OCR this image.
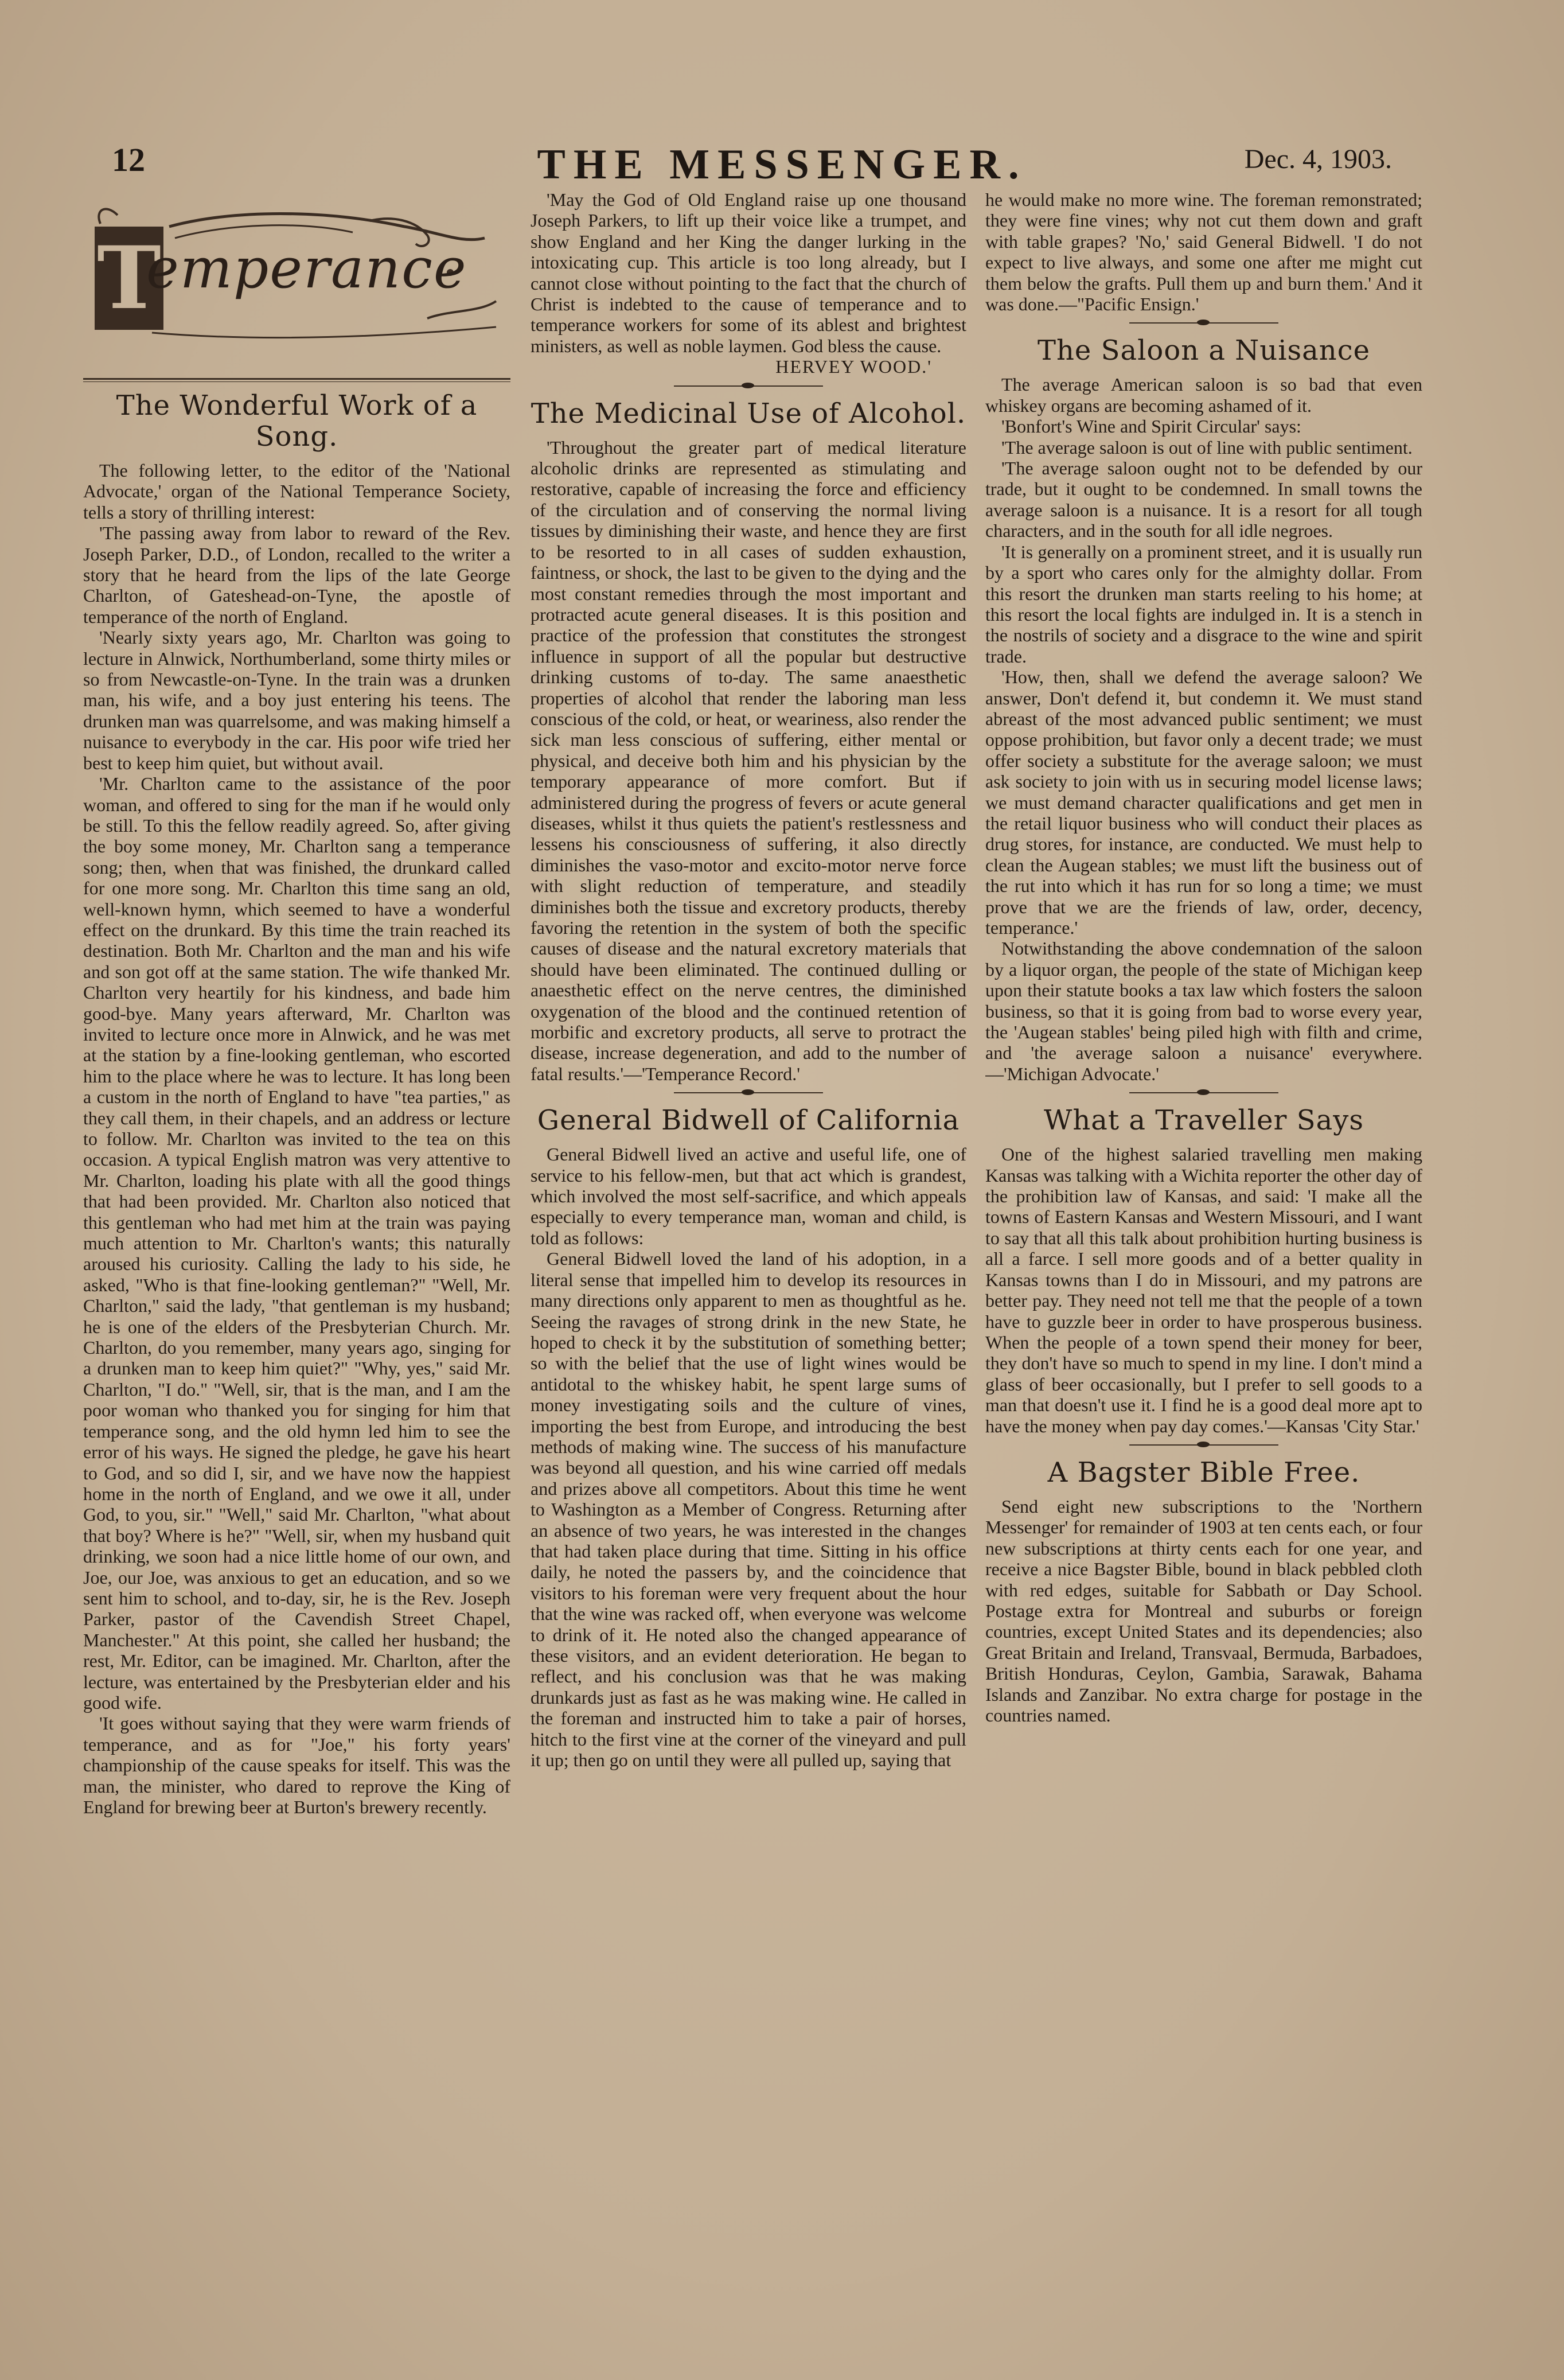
12	THE MESSENGER.	Dec. 4, 1903.
T
emperance
The Wonderful Work of a Song.

The following letter, to the editor of the 'National Advocate,' organ of the National Temperance Society, tells a story of thrilling interest:

'The passing away from labor to reward of the Rev. Joseph Parker, D.D., of London, recalled to the writer a story that he heard from the lips of the late George Charlton, of Gateshead-on-Tyne, the apostle of temperance of the north of England.

'Nearly sixty years ago, Mr. Charlton was going to lecture in Alnwick, Northumberland, some thirty miles or so from Newcastle-on-Tyne. In the train was a drunken man, his wife, and a boy just entering his teens. The drunken man was quarrelsome, and was making himself a nuisance to everybody in the car. His poor wife tried her best to keep him quiet, but without avail.

'Mr. Charlton came to the assistance of the poor woman, and offered to sing for the man if he would only be still. To this the fellow readily agreed. So, after giving the boy some money, Mr. Charlton sang a temperance song; then, when that was finished, the drunkard called for one more song. Mr. Charlton this time sang an old, well-known hymn, which seemed to have a wonderful effect on the drunkard. By this time the train reached its destination. Both Mr. Charlton and the man and his wife and son got off at the same station. The wife thanked Mr. Charlton very heartily for his kindness, and bade him good-bye. Many years afterward, Mr. Charlton was invited to lecture once more in Alnwick, and he was met at the station by a fine-looking gentleman, who escorted him to the place where he was to lecture. It has long been a custom in the north of England to have "tea parties," as they call them, in their chapels, and an address or lecture to follow. Mr. Charlton was invited to the tea on this occasion. A typical English matron was very attentive to Mr. Charlton, loading his plate with all the good things that had been provided. Mr. Charlton also noticed that this gentleman who had met him at the train was paying much attention to Mr. Charlton's wants; this naturally aroused his curiosity. Calling the lady to his side, he asked, "Who is that fine-looking gentleman?" "Well, Mr. Charlton," said the lady, "that gentleman is my husband; he is one of the elders of the Presbyterian Church. Mr. Charlton, do you remember, many years ago, singing for a drunken man to keep him quiet?" "Why, yes," said Mr. Charlton, "I do." "Well, sir, that is the man, and I am the poor woman who thanked you for singing for him that temperance song, and the old hymn led him to see the error of his ways. He signed the pledge, he gave his heart to God, and so did I, sir, and we have now the happiest home in the north of England, and we owe it all, under God, to you, sir." "Well," said Mr. Charlton, "what about that boy? Where is he?" "Well, sir, when my husband quit drinking, we soon had a nice little home of our own, and Joe, our Joe, was anxious to get an education, and so we sent him to school, and to-day, sir, he is the Rev. Joseph Parker, pastor of the Cavendish Street Chapel, Manchester." At this point, she called her husband; the rest, Mr. Editor, can be imagined. Mr. Charlton, after the lecture, was entertained by the Presbyterian elder and his good wife.

'It goes without saying that they were warm friends of temperance, and as for "Joe," his forty years' championship of the cause speaks for itself. This was the man, the minister, who dared to reprove the King of England for brewing beer at Burton's brewery recently.

'May the God of Old England raise up one thousand Joseph Parkers, to lift up their voice like a trumpet, and show England and her King the danger lurking in the intoxicating cup. This article is too long already, but I cannot close without pointing to the fact that the church of Christ is indebted to the cause of temperance and to temperance workers for some of its ablest and brightest ministers, as well as noble laymen. God bless the cause.

HERVEY WOOD.'

The Medicinal Use of Alcohol.

'Throughout the greater part of medical literature alcoholic drinks are represented as stimulating and restorative, capable of increasing the force and efficiency of the circulation and of conserving the normal living tissues by diminishing their waste, and hence they are first to be resorted to in all cases of sudden exhaustion, faintness, or shock, the last to be given to the dying and the most constant remedies through the most important and protracted acute general diseases. It is this position and practice of the profession that constitutes the strongest influence in support of all the popular but destructive drinking customs of to-day. The same anaesthetic properties of alcohol that render the laboring man less conscious of the cold, or heat, or weariness, also render the sick man less conscious of suffering, either mental or physical, and deceive both him and his physician by the temporary appearance of more comfort. But if administered during the progress of fevers or acute general diseases, whilst it thus quiets the patient's restlessness and lessens his consciousness of suffering, it also directly diminishes the vaso-motor and excito-motor nerve force with slight reduction of temperature, and steadily diminishes both the tissue and excretory products, thereby favoring the retention in the system of both the specific causes of disease and the natural excretory materials that should have been eliminated. The continued dulling or anaesthetic effect on the nerve centres, the diminished oxygenation of the blood and the continued retention of morbific and excretory products, all serve to protract the disease, increase degeneration, and add to the number of fatal results.'—'Temperance Record.'

General Bidwell of California

General Bidwell lived an active and useful life, one of service to his fellow-men, but that act which is grandest, which involved the most self-sacrifice, and which appeals especially to every temperance man, woman and child, is told as follows:

General Bidwell loved the land of his adoption, in a literal sense that impelled him to develop its resources in many directions only apparent to men as thoughtful as he. Seeing the ravages of strong drink in the new State, he hoped to check it by the substitution of something better; so with the belief that the use of light wines would be antidotal to the whiskey habit, he spent large sums of money investigating soils and the culture of vines, importing the best from Europe, and introducing the best methods of making wine. The success of his manufacture was beyond all question, and his wine carried off medals and prizes above all competitors. About this time he went to Washington as a Member of Congress. Returning after an absence of two years, he was interested in the changes that had taken place during that time. Sitting in his office daily, he noted the passers by, and the coincidence that visitors to his foreman were very frequent about the hour that the wine was racked off, when everyone was welcome to drink of it. He noted also the changed appearance of these visitors, and an evident deterioration. He began to reflect, and his conclusion was that he was making drunkards just as fast as he was making wine. He called in the foreman and instructed him to take a pair of horses, hitch to the first vine at the corner of the vineyard and pull it up; then go on until they were all pulled up, saying that

he would make no more wine. The foreman remonstrated; they were fine vines; why not cut them down and graft with table grapes? 'No,' said General Bidwell. 'I do not expect to live always, and some one after me might cut them below the grafts. Pull them up and burn them.' And it was done.—"Pacific Ensign.'

The Saloon a Nuisance

The average American saloon is so bad that even whiskey organs are becoming ashamed of it.

'Bonfort's Wine and Spirit Circular' says:

'The average saloon is out of line with public sentiment.

'The average saloon ought not to be defended by our trade, but it ought to be condemned. In small towns the average saloon is a nuisance. It is a resort for all tough characters, and in the south for all idle negroes.

'It is generally on a prominent street, and it is usually run by a sport who cares only for the almighty dollar. From this resort the drunken man starts reeling to his home; at this resort the local fights are indulged in. It is a stench in the nostrils of society and a disgrace to the wine and spirit trade.

'How, then, shall we defend the average saloon? We answer, Don't defend it, but condemn it. We must stand abreast of the most advanced public sentiment; we must oppose prohibition, but favor only a decent trade; we must offer society a substitute for the average saloon; we must ask society to join with us in securing model license laws; we must demand character qualifications and get men in the retail liquor business who will conduct their places as drug stores, for instance, are conducted. We must help to clean the Augean stables; we must lift the business out of the rut into which it has run for so long a time; we must prove that we are the friends of law, order, decency, temperance.'

Notwithstanding the above condemnation of the saloon by a liquor organ, the people of the state of Michigan keep upon their statute books a tax law which fosters the saloon business, so that it is going from bad to worse every year, the 'Augean stables' being piled high with filth and crime, and 'the average saloon a nuisance' everywhere.—'Michigan Advocate.'

What a Traveller Says

One of the highest salaried travelling men making Kansas was talking with a Wichita reporter the other day of the prohibition law of Kansas, and said: 'I make all the towns of Eastern Kansas and Western Missouri, and I want to say that all this talk about prohibition hurting business is all a farce. I sell more goods and of a better quality in Kansas towns than I do in Missouri, and my patrons are better pay. They need not tell me that the people of a town have to guzzle beer in order to have prosperous business. When the people of a town spend their money for beer, they don't have so much to spend in my line. I don't mind a glass of beer occasionally, but I prefer to sell goods to a man that doesn't use it. I find he is a good deal more apt to have the money when pay day comes.'—Kansas 'City Star.'

A Bagster Bible Free.

Send eight new subscriptions to the 'Northern Messenger' for remainder of 1903 at ten cents each, or four new subscriptions at thirty cents each for one year, and receive a nice Bagster Bible, bound in black pebbled cloth with red edges, suitable for Sabbath or Day School. Postage extra for Montreal and suburbs or foreign countries, except United States and its dependencies; also Great Britain and Ireland, Transvaal, Bermuda, Barbadoes, British Honduras, Ceylon, Gambia, Sarawak, Bahama Islands and Zanzibar. No extra charge for postage in the countries named.
